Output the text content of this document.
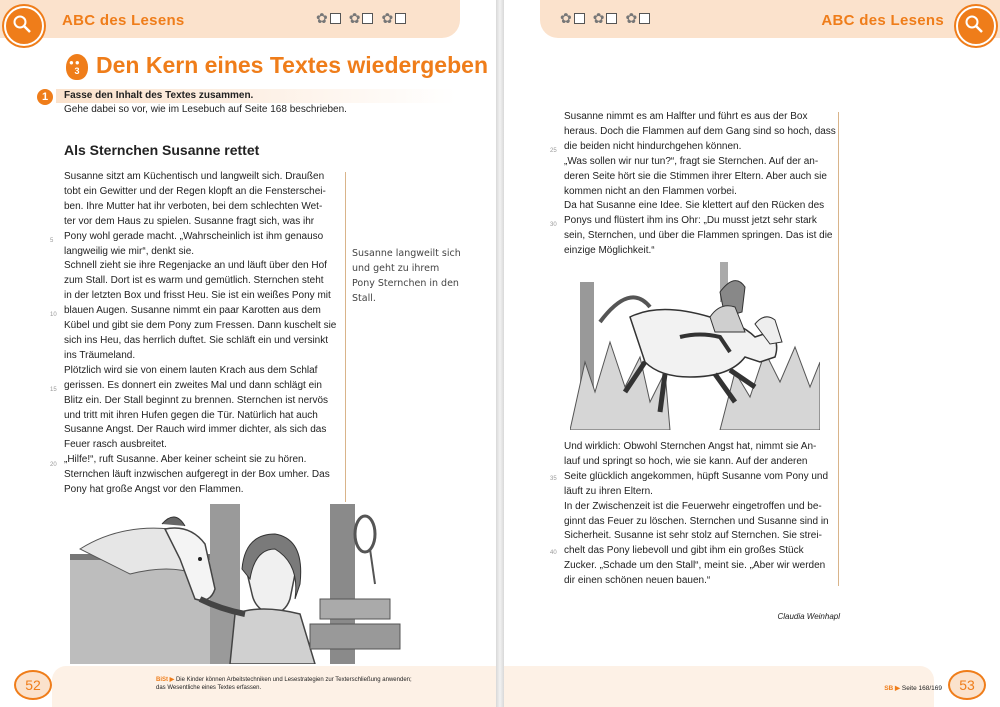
ABC des Lesens	✿ ✿ ✿
●●
3 Den Kern eines Textes wiedergeben
1	Fasse den Inhalt des Textes zusammen.
Gehe dabei so vor, wie im Lesebuch auf Seite 168 beschrieben.
Als Sternchen Susanne rettet

Susanne sitzt am Küchentisch und langweilt sich. Draußen

tobt ein Gewitter und der Regen klopft an die Fensterschei-

ben. Ihre Mutter hat ihr verboten, bei dem schlechten Wet-

ter vor dem Haus zu spielen. Susanne fragt sich, was ihr

Pony wohl gerade macht. „Wahrscheinlich ist ihm genauso

langweilig wie mir“, denkt sie.

Schnell zieht sie ihre Regenjacke an und läuft über den Hof

zum Stall. Dort ist es warm und gemütlich. Sternchen steht

in der letzten Box und frisst Heu. Sie ist ein weißes Pony mit

blauen Augen. Susanne nimmt ein paar Karotten aus dem

Kübel und gibt sie dem Pony zum Fressen. Dann kuschelt sie

sich ins Heu, das herrlich duftet. Sie schläft ein und versinkt

ins Träumeland.

Plötzlich wird sie von einem lauten Krach aus dem Schlaf

gerissen. Es donnert ein zweites Mal und dann schlägt ein

Blitz ein. Der Stall beginnt zu brennen. Sternchen ist nervös

und tritt mit ihren Hufen gegen die Tür. Natürlich hat auch

Susanne Angst. Der Rauch wird immer dichter, als sich das

Feuer rasch ausbreitet.

„Hilfe!“, ruft Susanne. Aber keiner scheint sie zu hören.

Sternchen läuft inzwischen aufgeregt in der Box umher. Das

Pony hat große Angst vor den Flammen.

5
10
15
20
Susanne langweilt sich und geht zu ihrem Pony Sternchen in den Stall.
52	BiSt ▶ Die Kinder können Arbeitstechniken und Lesestrategien zur Texterschließung anwenden;
das Wesentliche eines Textes erfassen.
ABC des Lesens
✿ ✿ ✿

Susanne nimmt es am Halfter und führt es aus der Box

heraus. Doch die Flammen auf dem Gang sind so hoch, dass

die beiden nicht hindurchgehen können.

„Was sollen wir nur tun?“, fragt sie Sternchen. Auf der an-

deren Seite hört sie die Stimmen ihrer Eltern. Aber auch sie

kommen nicht an den Flammen vorbei.

Da hat Susanne eine Idee. Sie klettert auf den Rücken des

Ponys und flüstert ihm ins Ohr: „Du musst jetzt sehr stark

sein, Sternchen, und über die Flammen springen. Das ist die

einzige Möglichkeit.“

25
30

Und wirklich: Obwohl Sternchen Angst hat, nimmt sie An-

lauf und springt so hoch, wie sie kann. Auf der anderen

Seite glücklich angekommen, hüpft Susanne vom Pony und

läuft zu ihren Eltern.

In der Zwischenzeit ist die Feuerwehr eingetroffen und be-

ginnt das Feuer zu löschen. Sternchen und Susanne sind in

Sicherheit. Susanne ist sehr stolz auf Sternchen. Sie strei-

chelt das Pony liebevoll und gibt ihm ein großes Stück

Zucker. „Schade um den Stall“, meint sie. „Aber wir werden

dir einen schönen neuen bauen.“

35
40
Claudia Weinhapl
SB ▶ Seite 168/169	53
